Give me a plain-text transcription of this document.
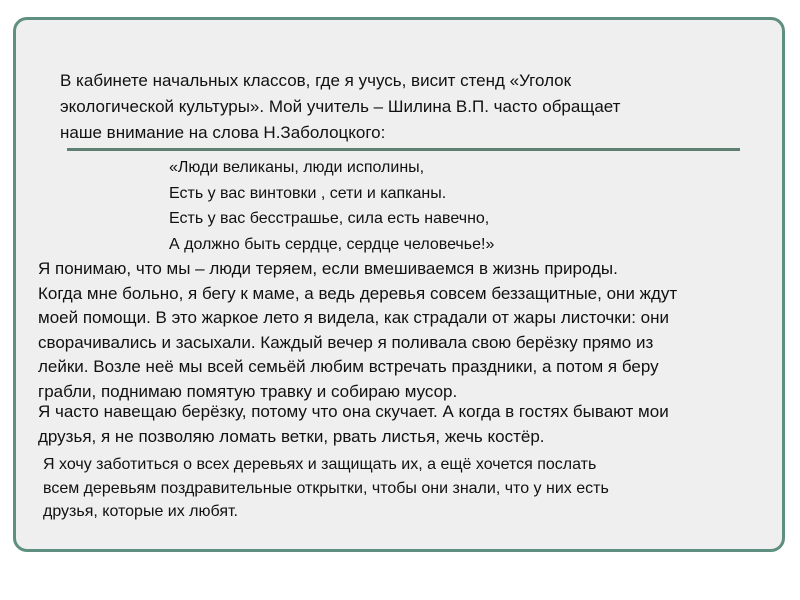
В кабинете начальных классов, где я учусь, висит стенд «Уголок
экологической культуры». Мой учитель – Шилина В.П. часто обращает
наше внимание на слова Н.Заболоцкого:
«Люди великаны, люди исполины,
Есть у вас винтовки , сети и капканы.
Есть у вас бесстрашье, сила есть навечно,
А должно быть сердце, сердце человечье!»
Я понимаю, что мы – люди теряем, если вмешиваемся в жизнь природы.
Когда мне больно, я бегу к маме, а ведь деревья совсем беззащитные, они ждут
моей помощи. В это жаркое лето я видела, как страдали от жары листочки: они
сворачивались и засыхали. Каждый вечер я поливала свою берёзку прямо из
лейки. Возле неё мы всей семьёй любим встречать праздники, а потом я беру
грабли, поднимаю помятую травку и собираю мусор.
Я часто навещаю берёзку, потому что она скучает. А когда в гостях бывают мои
друзья, я не позволяю ломать ветки, рвать листья, жечь костёр.
Я хочу заботиться о всех деревьях и защищать их, а ещё хочется послать
всем деревьям поздравительные открытки, чтобы они знали, что у них есть
друзья, которые их любят.
